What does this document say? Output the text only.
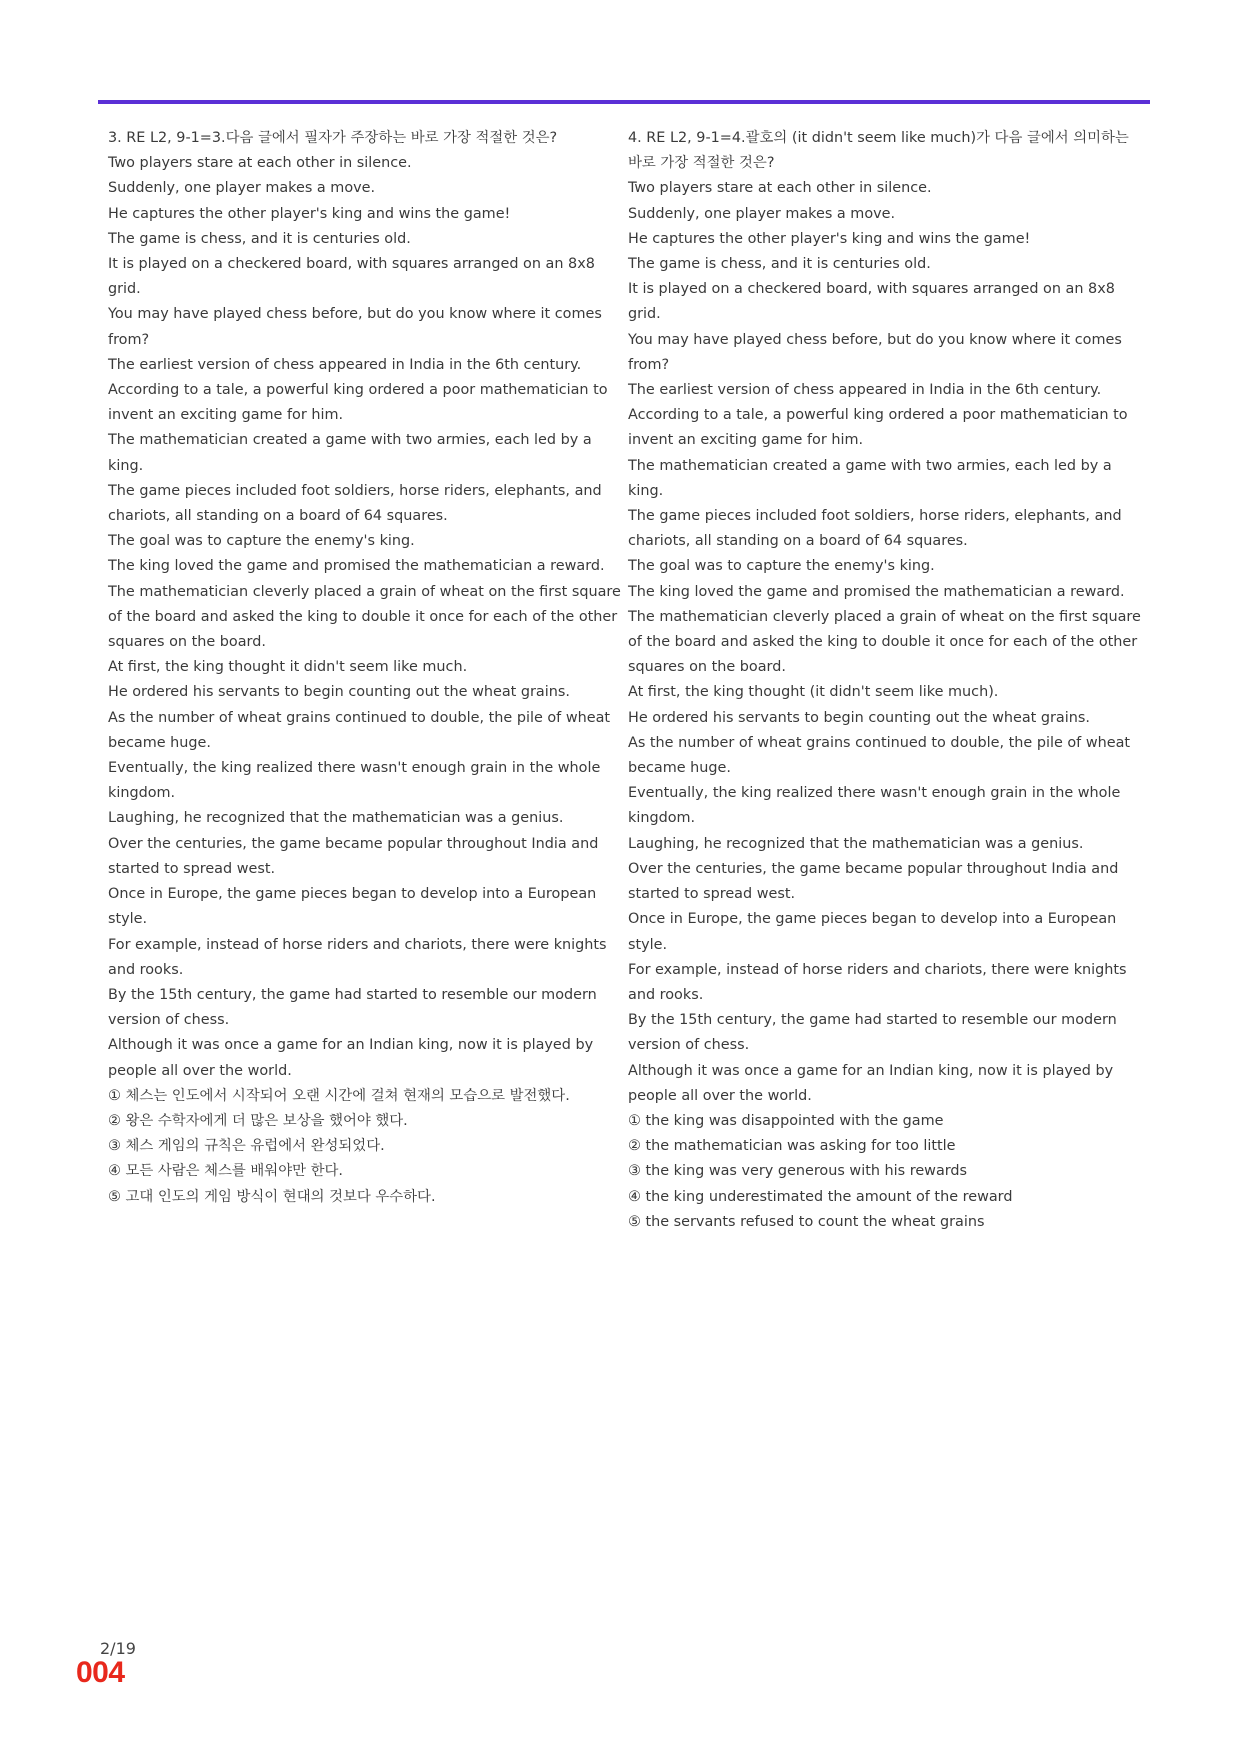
3. RE L2, 9-1=3.다음 글에서 필자가 주장하는 바로 가장 적절한 것은?

Two players stare at each other in silence.

Suddenly, one player makes a move.

He captures the other player's king and wins the game!

The game is chess, and it is centuries old.

It is played on a checkered board, with squares arranged on an 8x8 grid.

You may have played chess before, but do you know where it comes from?

The earliest version of chess appeared in India in the 6th century.

According to a tale, a powerful king ordered a poor mathematician to invent an exciting game for him.

The mathematician created a game with two armies, each led by a king.

The game pieces included foot soldiers, horse riders, elephants, and chariots, all standing on a board of 64 squares.

The goal was to capture the enemy's king.

The king loved the game and promised the mathematician a reward.

The mathematician cleverly placed a grain of wheat on the first square of the board and asked the king to double it once for each of the other squares on the board.

At first, the king thought it didn't seem like much.

He ordered his servants to begin counting out the wheat grains.

As the number of wheat grains continued to double, the pile of wheat became huge.

Eventually, the king realized there wasn't enough grain in the whole kingdom.

Laughing, he recognized that the mathematician was a genius.

Over the centuries, the game became popular throughout India and started to spread west.

Once in Europe, the game pieces began to develop into a European style.

For example, instead of horse riders and chariots, there were knights and rooks.

By the 15th century, the game had started to resemble our modern version of chess.

Although it was once a game for an Indian king, now it is played by people all over the world.

① 체스는 인도에서 시작되어 오랜 시간에 걸쳐 현재의 모습으로 발전했다.

② 왕은 수학자에게 더 많은 보상을 했어야 했다.

③ 체스 게임의 규칙은 유럽에서 완성되었다.

④ 모든 사람은 체스를 배워야만 한다.

⑤ 고대 인도의 게임 방식이 현대의 것보다 우수하다.

4. RE L2, 9-1=4.괄호의 (it didn't seem like much)가 다음 글에서 의미하는 바로 가장 적절한 것은?

Two players stare at each other in silence.

Suddenly, one player makes a move.

He captures the other player's king and wins the game!

The game is chess, and it is centuries old.

It is played on a checkered board, with squares arranged on an 8x8 grid.

You may have played chess before, but do you know where it comes from?

The earliest version of chess appeared in India in the 6th century.

According to a tale, a powerful king ordered a poor mathematician to invent an exciting game for him.

The mathematician created a game with two armies, each led by a king.

The game pieces included foot soldiers, horse riders, elephants, and chariots, all standing on a board of 64 squares.

The goal was to capture the enemy's king.

The king loved the game and promised the mathematician a reward.

The mathematician cleverly placed a grain of wheat on the first square of the board and asked the king to double it once for each of the other squares on the board.

At first, the king thought (it didn't seem like much).

He ordered his servants to begin counting out the wheat grains.

As the number of wheat grains continued to double, the pile of wheat became huge.

Eventually, the king realized there wasn't enough grain in the whole kingdom.

Laughing, he recognized that the mathematician was a genius.

Over the centuries, the game became popular throughout India and started to spread west.

Once in Europe, the game pieces began to develop into a European style.

For example, instead of horse riders and chariots, there were knights and rooks.

By the 15th century, the game had started to resemble our modern version of chess.

Although it was once a game for an Indian king, now it is played by people all over the world.

① the king was disappointed with the game

② the mathematician was asking for too little

③ the king was very generous with his rewards

④ the king underestimated the amount of the reward

⑤ the servants refused to count the wheat grains

2/19
004
